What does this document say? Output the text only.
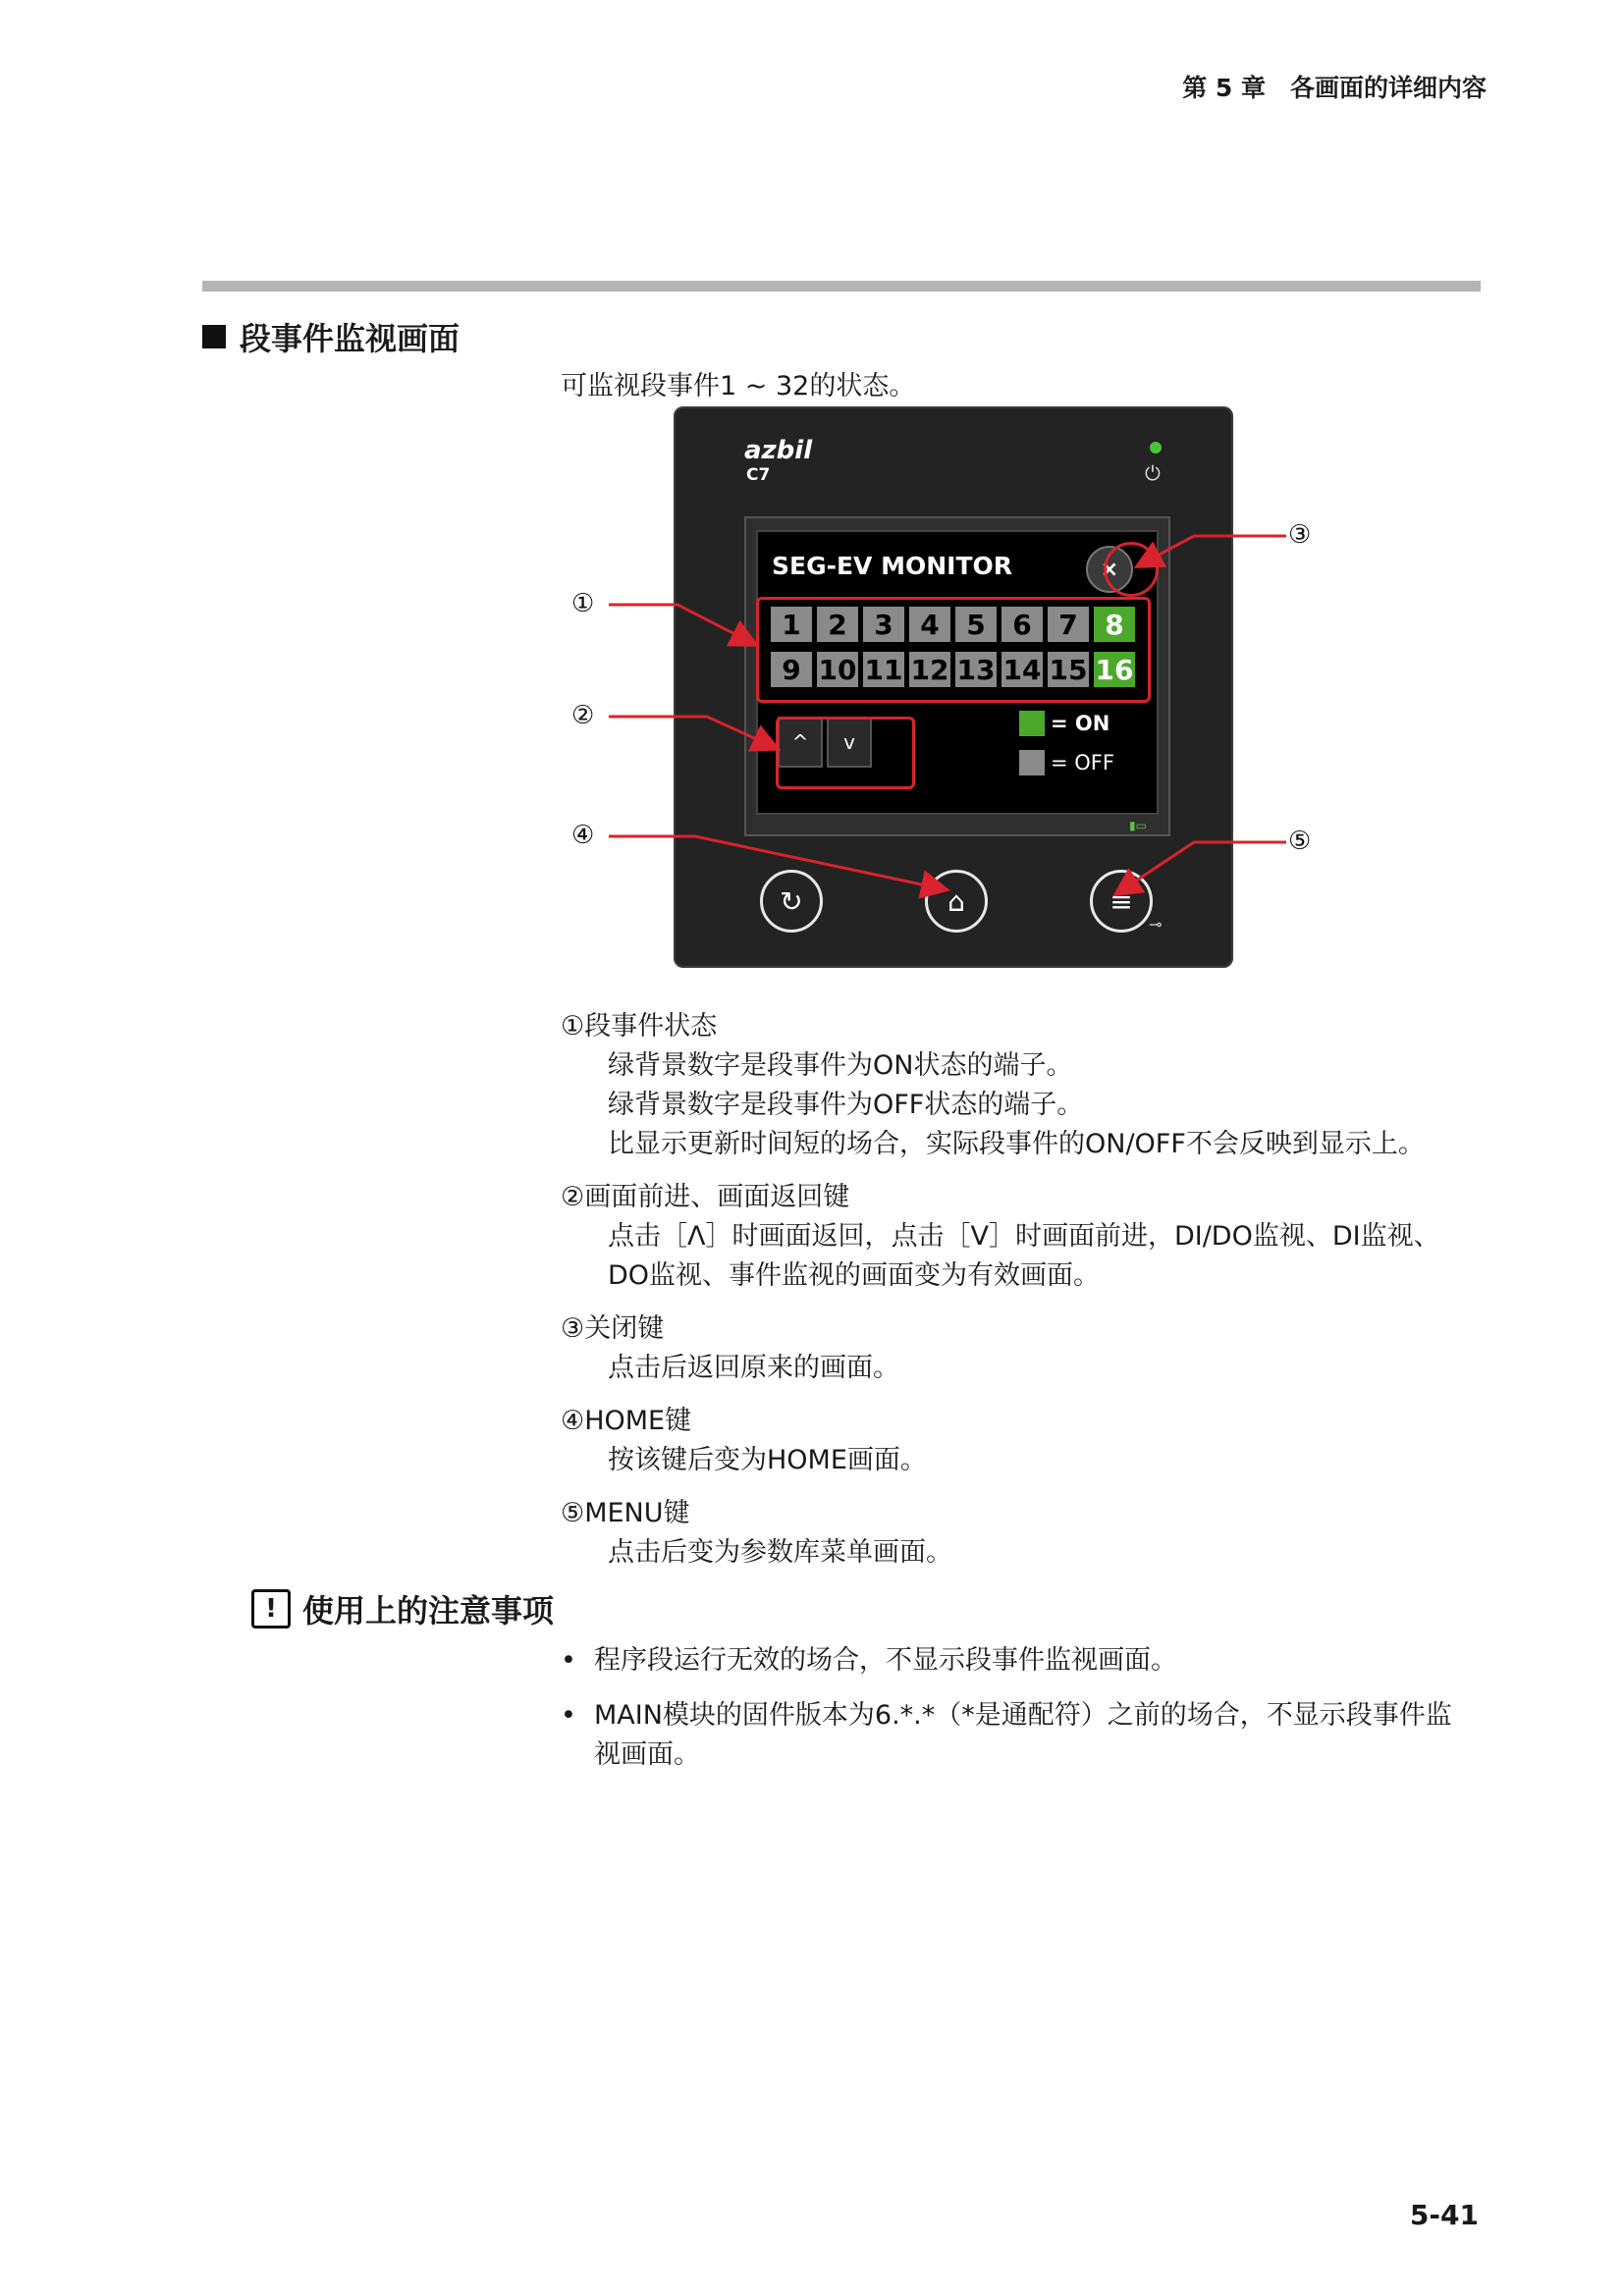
第 5 章　各画面的详细内容
段事件监视画面
可监视段事件1 ~ 32的状态。
azbil
C7	⏻
SEG-EV MONITOR	×
1 2 3 4 5 6 7 8
9 10 11 12 13 14 15 16
^ v
= ON
= OFF
▮▭
↻	⌂	≡
⊸
①
②
③
④	⑤
①段事件状态
绿背景数字是段事件为ON状态的端子。
绿背景数字是段事件为OFF状态的端子。
比显示更新时间短的场合，实际段事件的ON/OFF不会反映到显示上。
②画面前进、画面返回键
点击［Λ］时画面返回，点击［V］时画面前进，DI/DO监视、DI监视、
DO监视、事件监视的画面变为有效画面。
③关闭键
点击后返回原来的画面。
④HOME键
按该键后变为HOME画面。
⑤MENU键
点击后变为参数库菜单画面。
! 使用上的注意事项
• 程序段运行无效的场合，不显示段事件监视画面。
• MAIN模块的固件版本为6.*.*（*是通配符）之前的场合，不显示段事件监
视画面。
5-41
